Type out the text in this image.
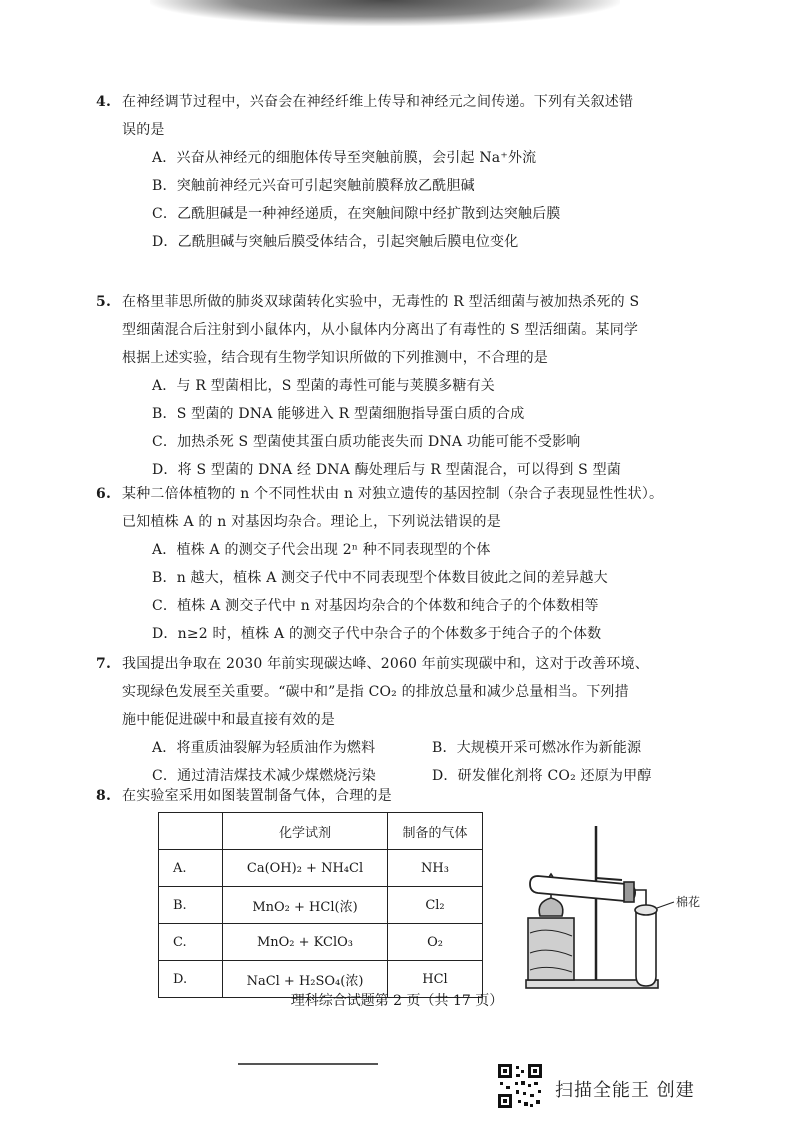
4. 在神经调节过程中，兴奋会在神经纤维上传导和神经元之间传递。下列有关叙述错
误的是
A．兴奋从神经元的细胞体传导至突触前膜，会引起 Na⁺外流
B．突触前神经元兴奋可引起突触前膜释放乙酰胆碱
C．乙酰胆碱是一种神经递质，在突触间隙中经扩散到达突触后膜
D．乙酰胆碱与突触后膜受体结合，引起突触后膜电位变化
5. 在格里菲思所做的肺炎双球菌转化实验中，无毒性的 R 型活细菌与被加热杀死的 S
型细菌混合后注射到小鼠体内，从小鼠体内分离出了有毒性的 S 型活细菌。某同学
根据上述实验，结合现有生物学知识所做的下列推测中，不合理的是
A．与 R 型菌相比，S 型菌的毒性可能与荚膜多糖有关
B．S 型菌的 DNA 能够进入 R 型菌细胞指导蛋白质的合成
C．加热杀死 S 型菌使其蛋白质功能丧失而 DNA 功能可能不受影响
D．将 S 型菌的 DNA 经 DNA 酶处理后与 R 型菌混合，可以得到 S 型菌
6. 某种二倍体植物的 n 个不同性状由 n 对独立遗传的基因控制（杂合子表现显性性状）。
已知植株 A 的 n 对基因均杂合。理论上，下列说法错误的是
A．植株 A 的测交子代会出现 2ⁿ 种不同表现型的个体
B．n 越大，植株 A 测交子代中不同表现型个体数目彼此之间的差异越大
C．植株 A 测交子代中 n 对基因均杂合的个体数和纯合子的个体数相等
D．n≥2 时，植株 A 的测交子代中杂合子的个体数多于纯合子的个体数
7. 我国提出争取在 2030 年前实现碳达峰、2060 年前实现碳中和，这对于改善环境、
实现绿色发展至关重要。“碳中和”是指 CO₂ 的排放总量和减少总量相当。下列措
施中能促进碳中和最直接有效的是
A．将重质油裂解为轻质油作为燃料	B．大规模开采可燃冰作为新能源
C．通过清洁煤技术减少煤燃烧污染	D．研发催化剂将 CO₂ 还原为甲醇
8. 在实验室采用如图装置制备气体，合理的是
	化学试剂	制备的气体
A.	Ca(OH)₂ + NH₄Cl	NH₃
B.	MnO₂ + HCl(浓)	Cl₂
C.	MnO₂ + KClO₃	O₂
D.	NaCl + H₂SO₄(浓)	HCl
棉花
理科综合试题第 2 页（共 17 页）
扫描全能王 创建
